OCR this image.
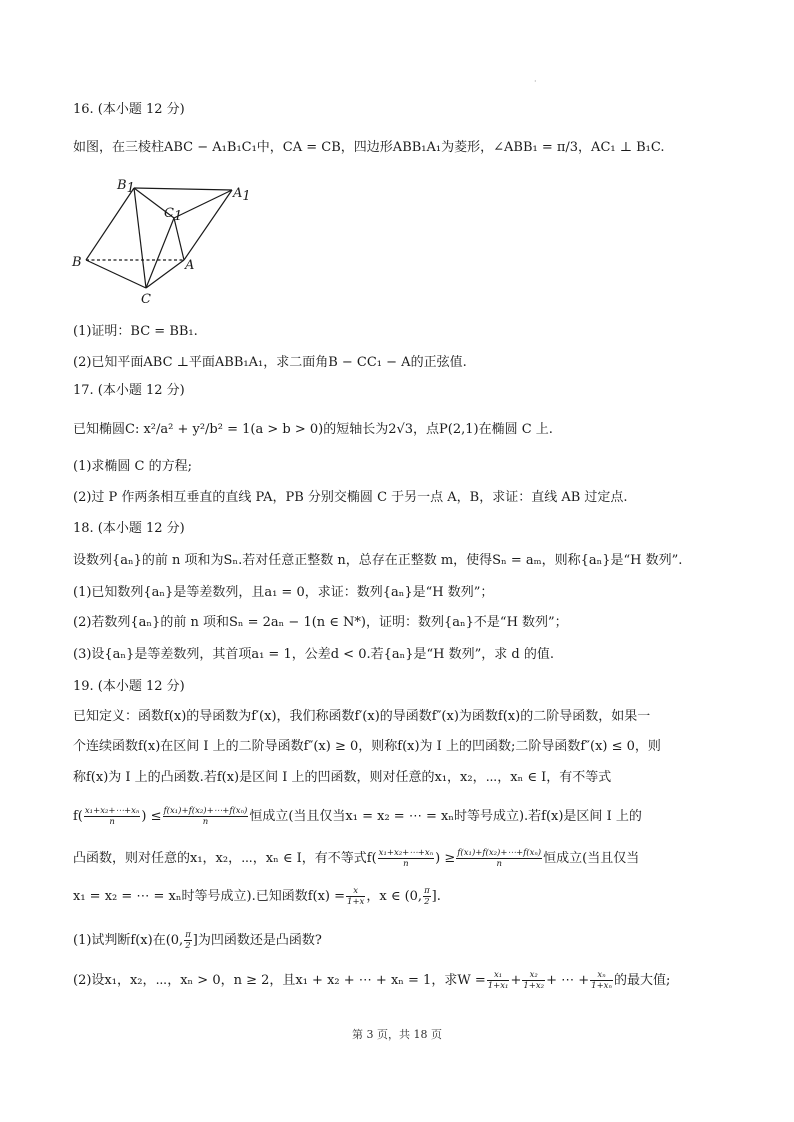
·
16. (本小题 12 分)
如图，在三棱柱ABC − A₁B₁C₁中，CA = CB，四边形ABB₁A₁为菱形，∠ABB₁ = π/3，AC₁ ⊥ B₁C.
B1	A1
C1
B	A
C
(1)证明：BC = BB₁.
(2)已知平面ABC ⊥平面ABB₁A₁，求二面角B − CC₁ − A的正弦值.
17. (本小题 12 分)
已知椭圆C: x²/a² + y²/b² = 1(a > b > 0)的短轴长为2√3，点P(2,1)在椭圆 C 上.
(1)求椭圆 C 的方程;
(2)过 P 作两条相互垂直的直线 PA，PB 分别交椭圆 C 于另一点 A，B，求证：直线 AB 过定点.
18. (本小题 12 分)
设数列{aₙ}的前 n 项和为Sₙ.若对任意正整数 n，总存在正整数 m，使得Sₙ = aₘ，则称{aₙ}是“H 数列”.
(1)已知数列{aₙ}是等差数列，且a₁ = 0，求证：数列{aₙ}是“H 数列”；
(2)若数列{aₙ}的前 n 项和Sₙ = 2aₙ − 1(n ∈ N*)，证明：数列{aₙ}不是“H 数列”；
(3)设{aₙ}是等差数列，其首项a₁ = 1，公差d < 0.若{aₙ}是“H 数列”，求 d 的值.
19. (本小题 12 分)
已知定义：函数f(x)的导函数为f′(x)，我们称函数f′(x)的导函数f″(x)为函数f(x)的二阶导函数，如果一
个连续函数f(x)在区间 I 上的二阶导函数f″(x) ≥ 0，则称f(x)为 I 上的凹函数;二阶导函数f″(x) ≤ 0，则
称f(x)为 I 上的凸函数.若f(x)是区间 I 上的凹函数，则对任意的x₁，x₂，⋯，xₙ ∈ I，有不等式
$f( \frac{\text{x₁+x₂+⋯+xₙ}}{n}$ ) ≤ $\frac{\text{f(x₁)+f(x₂)+⋯+f(xₙ)}}{n}$ 恒成立(当且仅当x₁ = x₂ = ⋯ = xₙ时等号成立).若f(x)是区间 I 上的
凸函数，则对任意的x₁，x₂，⋯，xₙ ∈ I，有不等式$f( \frac{\text{x₁+x₂+⋯+xₙ}}{n}$ ) ≥ $\frac{\text{f(x₁)+f(x₂)+⋯+f(xₙ)}}{n}$ 恒成立(当且仅当
x₁ = x₂ = ⋯ = xₙ时等号成立).已知函数$f(x) = \frac{x}{1+x}$ ，x ∈ (0, $\frac{\pi}{2}$ ].
(1)试判断f(x)在(0, $\frac{\pi}{2}$ ]为凹函数还是凸函数?
(2)设x₁，x₂，⋯，xₙ > 0，n ≥ 2，且x₁ + x₂ + ⋯ + xₙ = 1，求$W = \frac{\text{x₁}}{\text{1+x₁}} + \frac{\text{x₂}}{\text{1+x₂}}$ + ⋯ + $\frac{\text{xₙ}}{\text{1+xₙ}}$ 的最大值;
第 3 页，共 18 页
